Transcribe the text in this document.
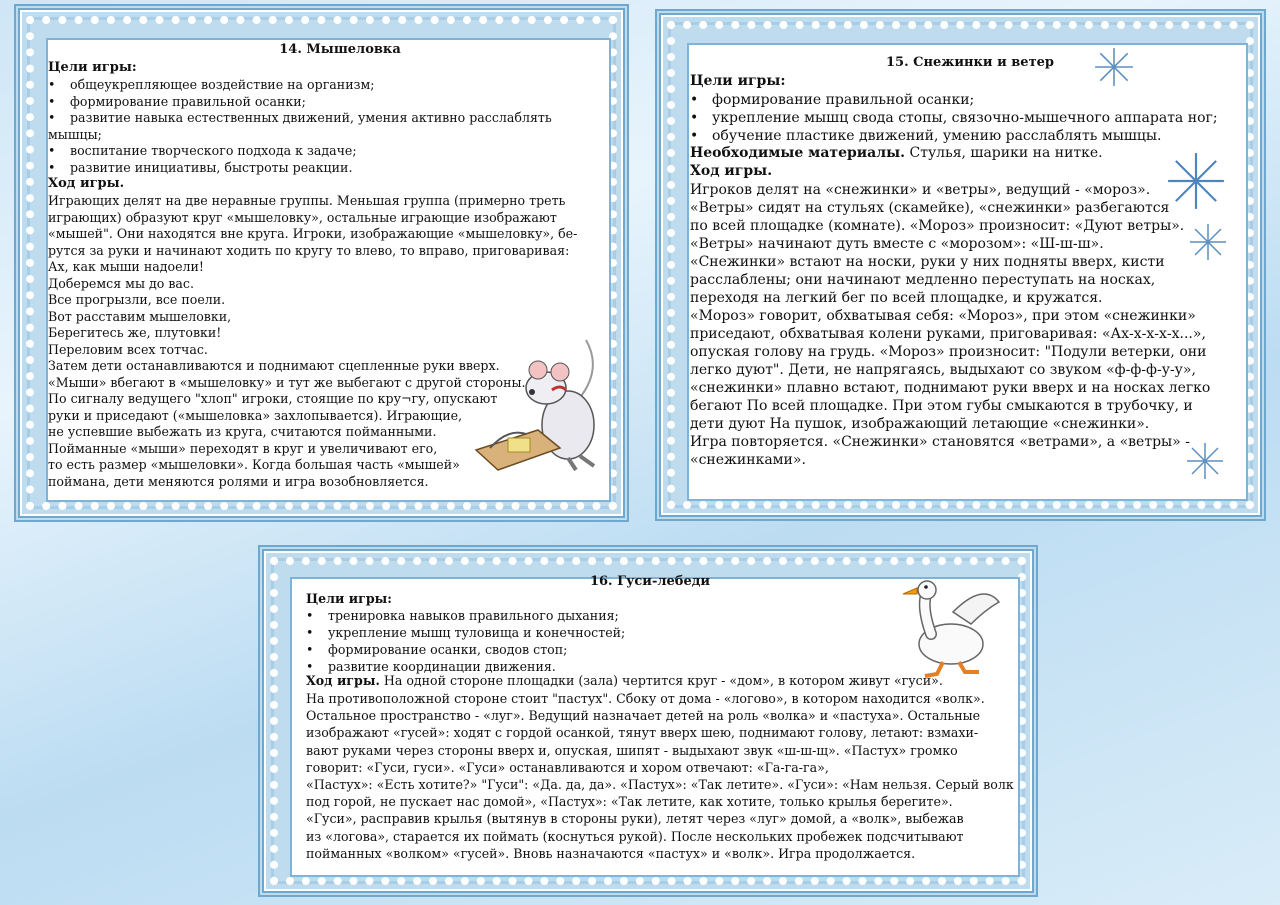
14. Мышеловка
Цели игры:
• общеукрепляющее воздействие на организм;
• формирование правильной осанки;
• развитие навыка естественных движений, умения активно расслаблять
мышцы;
• воспитание творческого подхода к задаче;
• развитие инициативы, быстроты реакции.
Ход игры.
Играющих делят на две неравные группы. Меньшая группа (примерно треть
играющих) образуют круг «мышеловку», остальные играющие изображают
«мышей". Они находятся вне круга. Игроки, изображающие «мышеловку», бе-
рутся за руки и начинают ходить по кругу то влево, то вправо, приговаривая:
Ах, как мыши надоели!
Доберемся мы до вас.
Все прогрызли, все поели.
Вот расставим мышеловки,
Берегитесь же, плутовки!
Переловим всех тотчас.
Затем дети останавливаются и поднимают сцепленные руки вверх.
«Мыши» вбегают в «мышеловку» и тут же выбегают с другой стороны.
По сигналу ведущего "хлоп" игроки, стоящие по кру¬гу, опускают
руки и приседают («мышеловка» захлопывается). Играющие,
не успевшие выбежать из круга, считаются пойманными.
Пойманные «мыши» переходят в круг и увеличивают его,
то есть размер «мышеловки». Когда большая часть «мышей»
поймана, дети меняются ролями и игра возобновляется.
15. Снежинки и ветер
Цели игры:
• формирование правильной осанки;
• укрепление мышц свода стопы, связочно-мышечного аппарата ног;
• обучение пластике движений, умению расслаблять мышцы.
Необходимые материалы. Стулья, шарики на нитке.
Ход игры.
Игроков делят на «снежинки» и «ветры», ведущий - «мороз».
«Ветры» сидят на стульях (скамейке), «снежинки» разбегаются
по всей площадке (комнате). «Мороз» произносит: «Дуют ветры».
«Ветры» начинают дуть вместе с «морозом»: «Ш-ш-ш».
«Снежинки» встают на носки, руки у них подняты вверх, кисти
расслаблены; они начинают медленно переступать на носках,
переходя на легкий бег по всей площадке, и кружатся.
«Мороз» говорит, обхватывая себя: «Мороз», при этом «снежинки»
приседают, обхватывая колени руками, приговаривая: «Ах-х-х-х-х...»,
опуская голову на грудь. «Мороз» произносит: "Подули ветерки, они
легко дуют". Дети, не напрягаясь, выдыхают со звуком «ф-ф-ф-у-у»,
«снежинки» плавно встают, поднимают руки вверх и на носках легко
бегают По всей площадке. При этом губы смыкаются в трубочку, и
дети дуют На пушок, изображающий летающие «снежинки».
Игра повторяется. «Снежинки» становятся «ветрами», а «ветры» -
«снежинками».
16. Гуси-лебеди
Цели игры:
• тренировка навыков правильного дыхания;
• укрепление мышц туловища и конечностей;
• формирование осанки, сводов стоп;
• развитие координации движения.
Ход игры. На одной стороне площадки (зала) чертится круг - «дом», в котором живут «гуси».
На противоположной стороне стоит "пастух". Сбоку от дома - «логово», в котором находится «волк».
Остальное пространство - «луг». Ведущий назначает детей на роль «волка» и «пастуха». Остальные
изображают «гусей»: ходят с гордой осанкой, тянут вверх шею, поднимают голову, летают: взмахи-
вают руками через стороны вверх и, опуская, шипят - выдыхают звук «ш-ш-щ». «Пастух» громко
говорит: «Гуси, гуси». «Гуси» останавливаются и хором отвечают: «Га-га-га»,
«Пастух»: «Есть хотите?» "Гуси": «Да. да, да». «Пастух»: «Так летите». «Гуси»: «Нам нельзя. Серый волк
под горой, не пускает нас домой», «Пастух»: «Так летите, как хотите, только крылья берегите».
«Гуси», расправив крылья (вытянув в стороны руки), летят через «луг» домой, а «волк», выбежав
из «логова», старается их поймать (коснуться рукой). После нескольких пробежек подсчитывают
пойманных «волком» «гусей». Вновь назначаются «пастух» и «волк». Игра продолжается.
